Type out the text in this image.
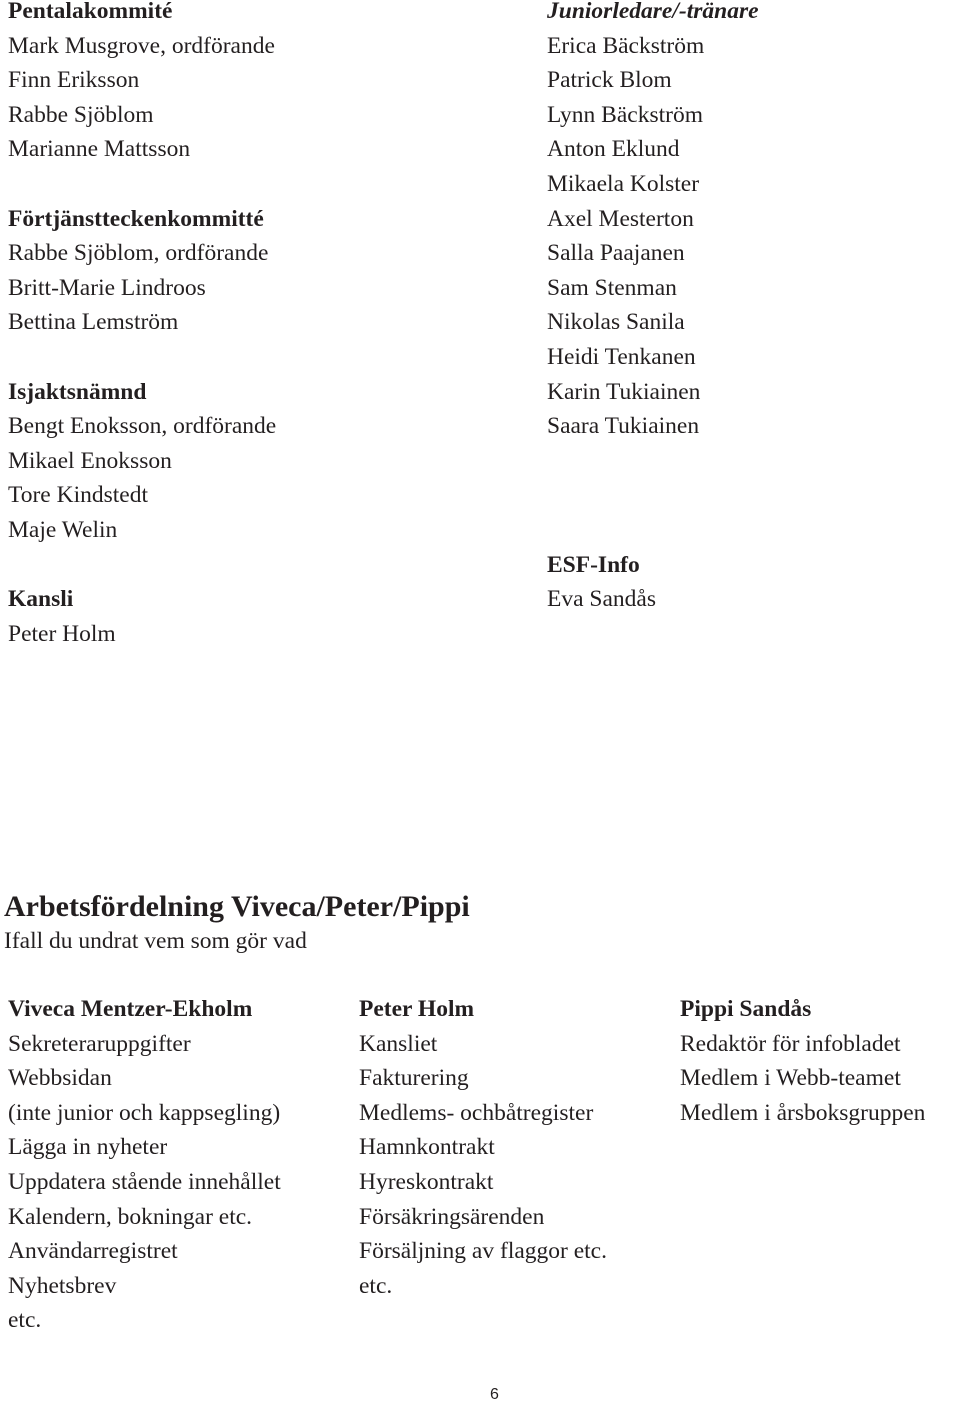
Pentalakommité
Mark Musgrove, ordförande
Finn Eriksson
Rabbe Sjöblom
Marianne Mattsson
Förtjänstteckenkommitté
Rabbe Sjöblom, ordförande
Britt-Marie Lindroos
Bettina Lemström
Isjaktsnämnd
Bengt Enoksson, ordförande
Mikael Enoksson
Tore Kindstedt
Maje Welin
Kansli
Peter Holm
Juniorledare/-tränare
Erica Bäckström
Patrick Blom
Lynn Bäckström
Anton Eklund
Mikaela Kolster
Axel Mesterton
Salla Paajanen
Sam Stenman
Nikolas Sanila
Heidi Tenkanen
Karin Tukiainen
Saara Tukiainen
ESF-Info
Eva Sandås
Arbetsfördelning Viveca/Peter/Pippi
Ifall du undrat vem som gör vad
Viveca Mentzer-Ekholm
Sekreteraruppgifter
Webbsidan
(inte junior och kappsegling)
Lägga in nyheter
Uppdatera stående innehållet
Kalendern, bokningar etc.
Användarregistret
Nyhetsbrev
etc.
Peter Holm
Kansliet
Fakturering
Medlems- ochbåtregister
Hamnkontrakt
Hyreskontrakt
Försäkringsärenden
Försäljning av flaggor etc.
etc.
Pippi Sandås
Redaktör för infobladet
Medlem i Webb-teamet
Medlem i årsboksgruppen
6
